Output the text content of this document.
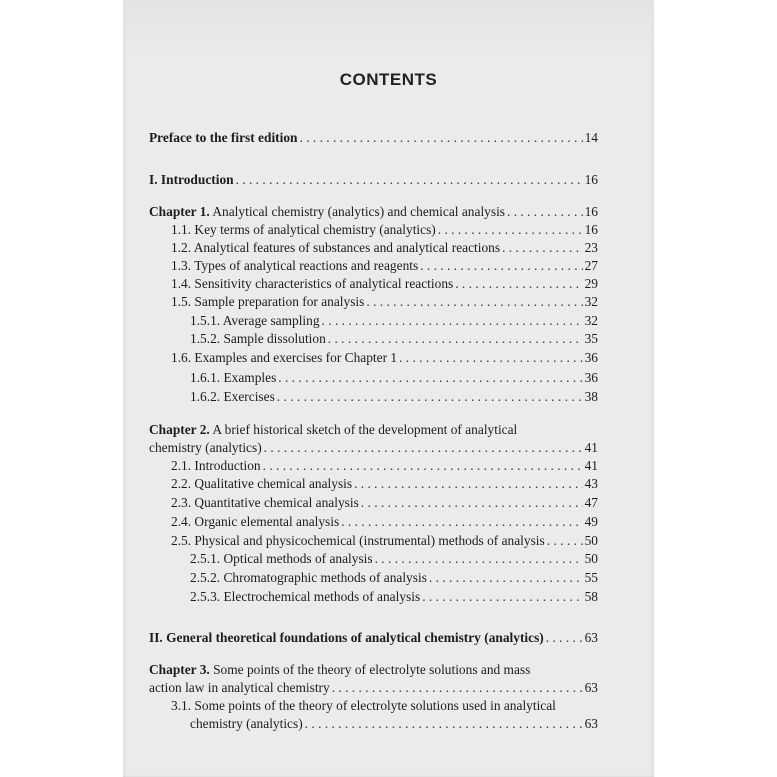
CONTENTS
Preface to the first edition . . .	14
I. Introduction . . .	16
Chapter 1. Analytical chemistry (analytics) and chemical analysis . . .	16
1.1. Key terms of analytical chemistry (analytics) . . .	16
1.2. Analytical features of substances and analytical reactions . . .	23
1.3. Types of analytical reactions and reagents . . .	27
1.4. Sensitivity characteristics of analytical reactions . . .	29
1.5. Sample preparation for analysis . . .	32
1.5.1. Average sampling . . .	32
1.5.2. Sample dissolution . . .	35
1.6. Examples and exercises for Chapter 1 . . .	36
1.6.1. Examples . . .	36
1.6.2. Exercises . . .	38
Chapter 2. A brief historical sketch of the development of analytical
chemistry (analytics) . . .	41
2.1. Introduction . . .	41
2.2. Qualitative chemical analysis . . .	43
2.3. Quantitative chemical analysis . . .	47
2.4. Organic elemental analysis . . .	49
2.5. Physical and physicochemical (instrumental) methods of analysis . . .	50
2.5.1. Optical methods of analysis . . .	50
2.5.2. Chromatographic methods of analysis . . .	55
2.5.3. Electrochemical methods of analysis . . .	58
II. General theoretical foundations of analytical chemistry (analytics) . . .	63
Chapter 3. Some points of the theory of electrolyte solutions and mass
action law in analytical chemistry . . .	63
3.1. Some points of the theory of electrolyte solutions used in analytical
chemistry (analytics) . . .	63
